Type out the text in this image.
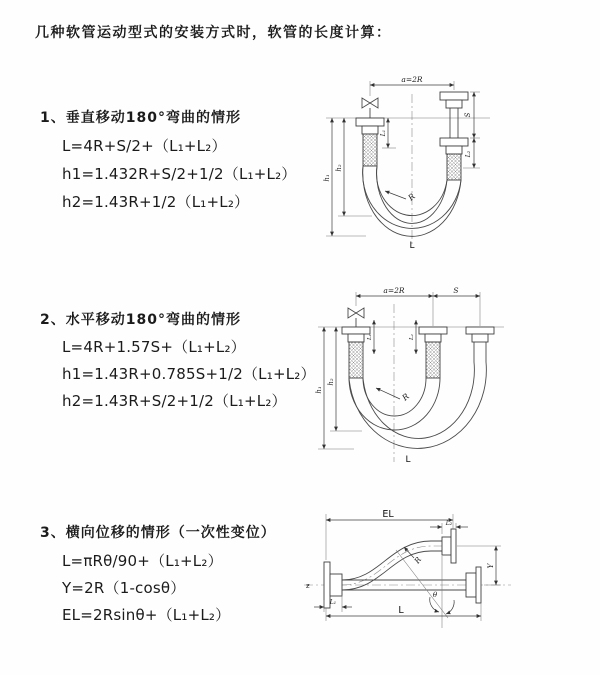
几种软管运动型式的安装方式时，软管的长度计算：
1、垂直移动180°弯曲的情形
L=4R+S/2+（L₁+L₂）
h1=1.432R+S/2+1/2（L₁+L₂）
h2=1.43R+1/2（L₁+L₂）
2、水平移动180°弯曲的情形
L=4R+1.57S+（L₁+L₂）
h1=1.43R+0.785S+1/2（L₁+L₂）
h2=1.43R+S/2+1/2（L₁+L₂）
3、横向位移的情形（一次性变位）
L=πRθ/90+（L₁+L₂）
Y=2R（1-cosθ）
EL=2Rsinθ+（L₁+L₂）
a=2R
h₁
h₂
L₁
S
L₂
R
L
a=2R	S
h₁
h₂
L₁	L₂
R
L
ƶ
θ
R
EL
L₂
Y
L
L₁
